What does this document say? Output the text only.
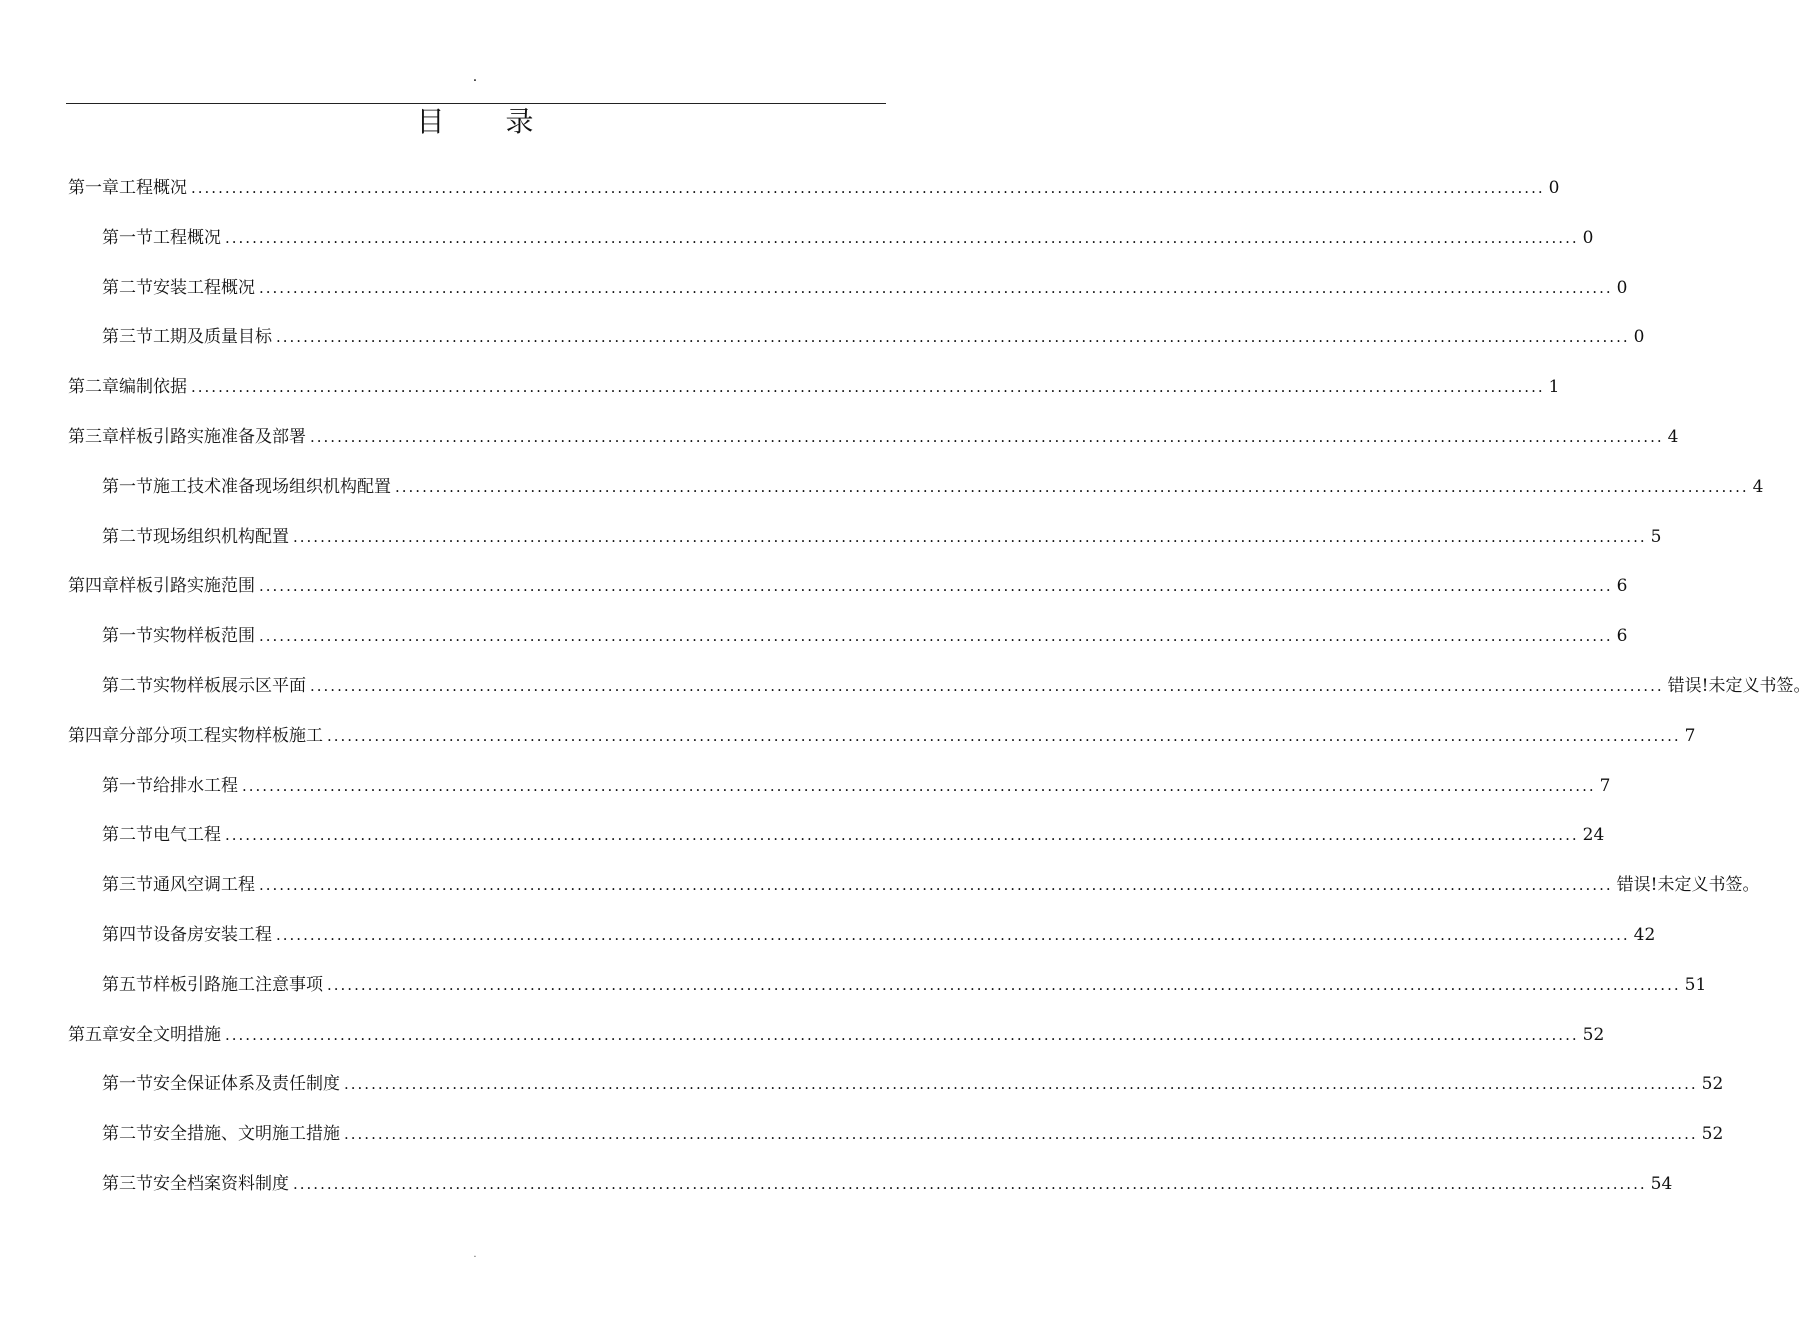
.
目 录
第一章 工程概况 ........................................................................................................................................................................................................ 0
第一节 工程概况 ........................................................................................................................................................................................................ 0
第二节 安装工程概况 ........................................................................................................................................................................................................ 0
第三节 工期及质量目标 ........................................................................................................................................................................................................ 0
第二章 编制依据 ........................................................................................................................................................................................................ 1
第三章 样板引路实施准备及部署 ........................................................................................................................................................................................................ 4
第一节 施工技术准备现场组织机构配置 ........................................................................................................................................................................................................ 4
第二节 现场组织机构配置 ........................................................................................................................................................................................................ 5
第四章 样板引路实施范围 ........................................................................................................................................................................................................ 6
第一节 实物样板范围 ........................................................................................................................................................................................................ 6
第二节 实物样板展示区平面 ........................................................................................................................................................................................................ 错误!未定义书签。
第四章 分部分项工程实物样板施工 ........................................................................................................................................................................................................ 7
第一节 给排水工程 ........................................................................................................................................................................................................ 7
第二节 电气工程 ........................................................................................................................................................................................................ 24
第三节 通风空调工程 ........................................................................................................................................................................................................ 错误!未定义书签。
第四节 设备房安装工程 ........................................................................................................................................................................................................ 42
第五节 样板引路施工注意事项 ........................................................................................................................................................................................................ 51
第五章 安全文明措施 ........................................................................................................................................................................................................ 52
第一节 安全保证体系及责任制度 ........................................................................................................................................................................................................ 52
第二节 安全措施、文明施工措施 ........................................................................................................................................................................................................ 52
第三节 安全档案资料制度 ........................................................................................................................................................................................................ 54
.
